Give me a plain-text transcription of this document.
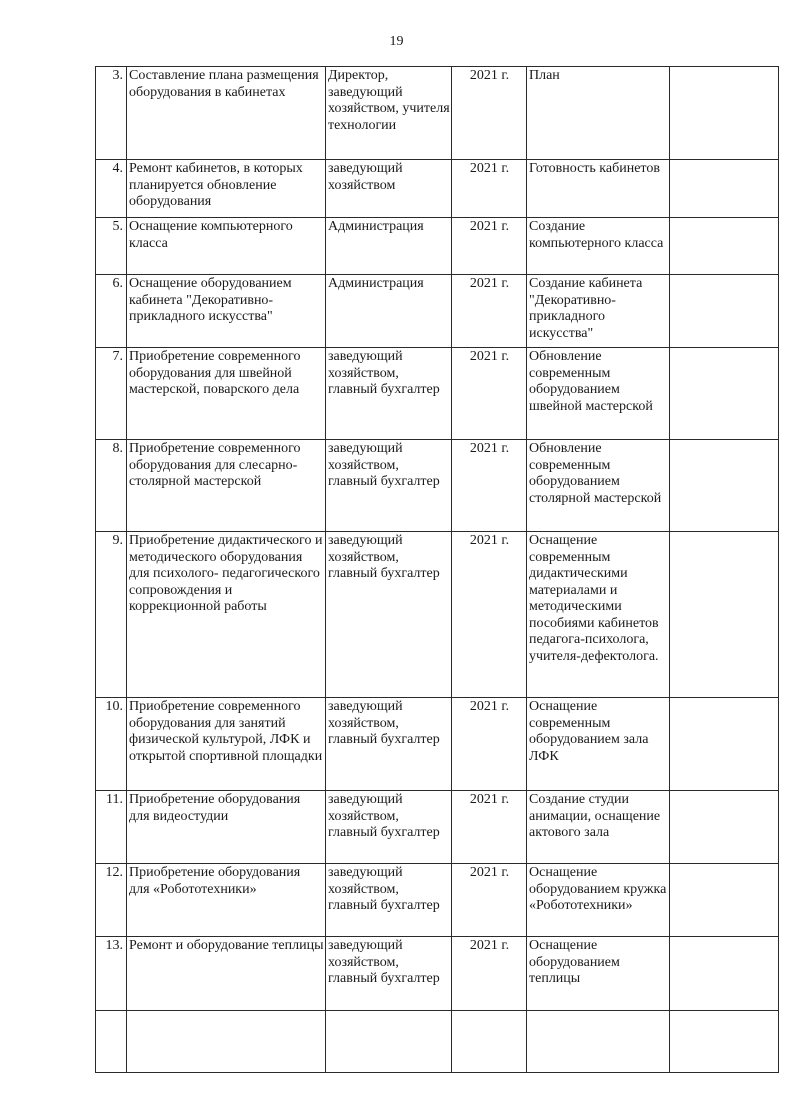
19
3.	Составление плана размещения оборудования в кабинетах	Директор, заведующий хозяйством, учителя технологии	2021 г.	План	
4.	Ремонт кабинетов, в которых планируется обновление оборудования	заведующий хозяйством	2021 г.	Готовность кабинетов	
5.	Оснащение компьютерного класса	Администрация	2021 г.	Создание компьютерного класса	
6.	Оснащение оборудованием кабинета "Декоративно-прикладного искусства"	Администрация	2021 г.	Создание кабинета "Декоративно-прикладного искусства"	
7.	Приобретение современного оборудования для швейной мастерской, поварского дела	заведующий хозяйством, главный бухгалтер	2021 г.	Обновление современным оборудованием швейной мастерской	
8.	Приобретение современного оборудования для слесарно-столярной мастерской	заведующий хозяйством, главный бухгалтер	2021 г.	Обновление современным оборудованием столярной мастерской	
9.	Приобретение дидактического и методического оборудования для психолого- педагогического сопровождения и коррекционной работы	заведующий хозяйством, главный бухгалтер	2021 г.	Оснащение современным дидактическими материалами и методическими пособиями кабинетов педагога-психолога, учителя-дефектолога.	
10.	Приобретение современного оборудования для занятий физической культурой, ЛФК и открытой спортивной площадки	заведующий хозяйством, главный бухгалтер	2021 г.	Оснащение современным оборудованием зала ЛФК	
11.	Приобретение оборудования для видеостудии	заведующий хозяйством, главный бухгалтер	2021 г.	Создание студии анимации, оснащение актового зала	
12.	Приобретение оборудования для «Робототехники»	заведующий хозяйством, главный бухгалтер	2021 г.	Оснащение оборудованием кружка «Робототехники»	
13.	Ремонт и оборудование теплицы	заведующий хозяйством, главный бухгалтер	2021 г.	Оснащение оборудованием теплицы	
